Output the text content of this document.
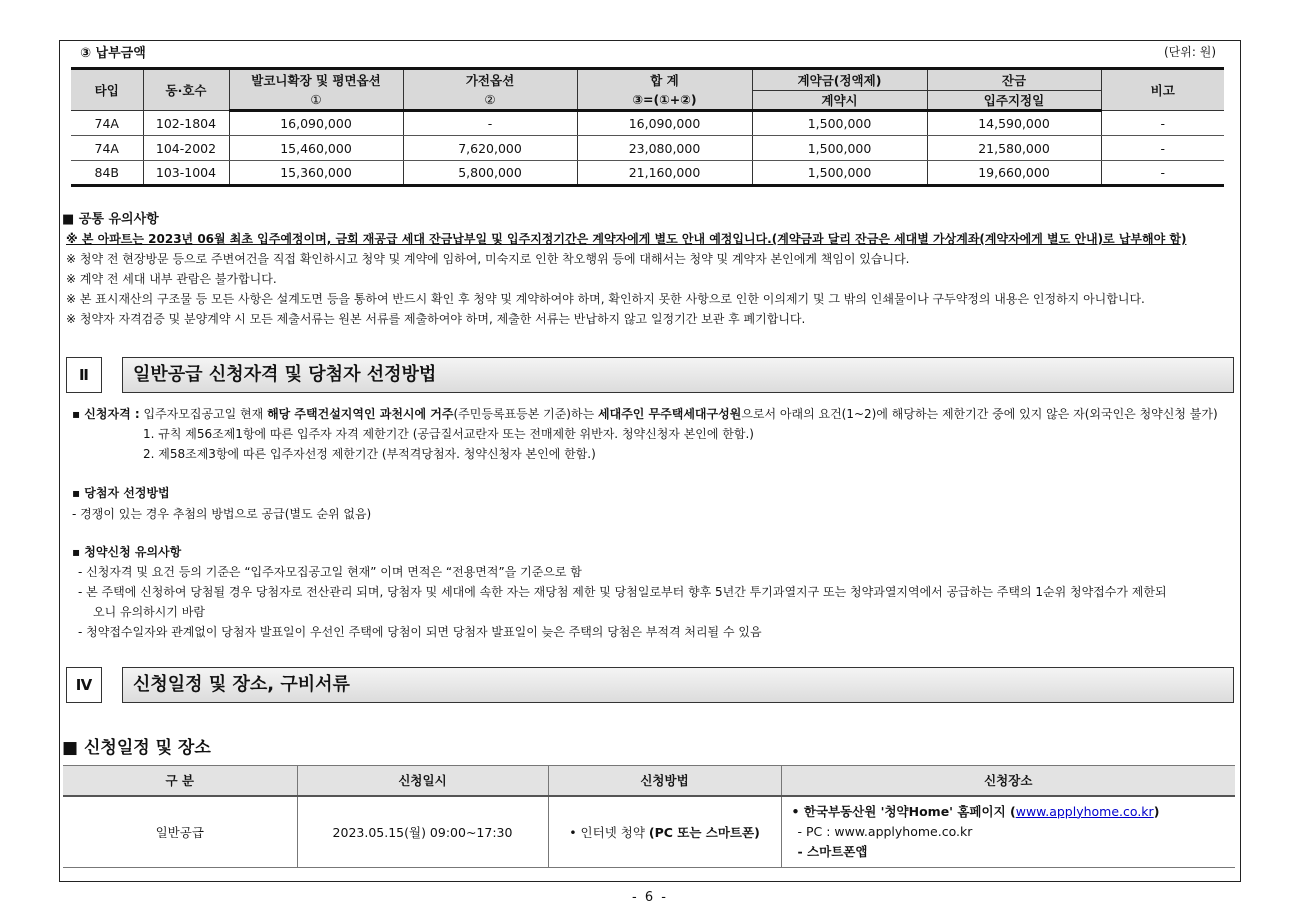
③ 납부금액	(단위: 원)
타입	동·호수	발코니확장 및 평면옵션	가전옵션	합 계	계약금(정액제)	잔금	비고
		①	②	③=(①+②)	계약시	입주지정일	
74A	102-1804	16,090,000	-	16,090,000	1,500,000	14,590,000	-
74A	104-2002	15,460,000	7,620,000	23,080,000	1,500,000	21,580,000	-
84B	103-1004	15,360,000	5,800,000	21,160,000	1,500,000	19,660,000	-
■ 공통 유의사항
※ 본 아파트는 2023년 06월 최초 입주예정이며, 금회 재공급 세대 잔금납부일 및 입주지정기간은 계약자에게 별도 안내 예정입니다.(계약금과 달리 잔금은 세대별 가상계좌(계약자에게 별도 안내)로 납부해야 함)
※ 청약 전 현장방문 등으로 주변여건을 직접 확인하시고 청약 및 계약에 임하여, 미숙지로 인한 착오행위 등에 대해서는 청약 및 계약자 본인에게 책임이 있습니다.
※ 계약 전 세대 내부 관람은 불가합니다.
※ 본 표시재산의 구조물 등 모든 사항은 설계도면 등을 통하여 반드시 확인 후 청약 및 계약하여야 하며, 확인하지 못한 사항으로 인한 이의제기 및 그 밖의 인쇄물이나 구두약정의 내용은 인정하지 아니합니다.
※ 청약자 자격검증 및 분양계약 시 모든 제출서류는 원본 서류를 제출하여야 하며, 제출한 서류는 반납하지 않고 일정기간 보관 후 폐기합니다.
Ⅱ	일반공급 신청자격 및 당첨자 선정방법
▪ 신청자격 : 입주자모집공고일 현재 해당 주택건설지역인 과천시에 거주(주민등록표등본 기준)하는 세대주인 무주택세대구성원으로서 아래의 요건(1~2)에 해당하는 제한기간 중에 있지 않은 자(외국인은 청약신청 불가)
1. 규칙 제56조제1항에 따른 입주자 자격 제한기간 (공급질서교란자 또는 전매제한 위반자. 청약신청자 본인에 한함.)
2. 제58조제3항에 따른 입주자선정 제한기간 (부적격당첨자. 청약신청자 본인에 한함.)
▪ 당첨자 선정방법
- 경쟁이 있는 경우 추첨의 방법으로 공급(별도 순위 없음)
▪ 청약신청 유의사항
- 신청자격 및 요건 등의 기준은 “입주자모집공고일 현재” 이며 면적은 “전용면적”을 기준으로 함
- 본 주택에 신청하여 당첨될 경우 당첨자로 전산관리 되며, 당첨자 및 세대에 속한 자는 재당첨 제한 및 당첨일로부터 향후 5년간 투기과열지구 또는 청약과열지역에서 공급하는 주택의 1순위 청약접수가 제한되
오니 유의하시기 바람
- 청약접수일자와 관계없이 당첨자 발표일이 우선인 주택에 당첨이 되면 당첨자 발표일이 늦은 주택의 당첨은 부적격 처리될 수 있음
Ⅳ	신청일정 및 장소, 구비서류
■ 신청일정 및 장소
구 분	신청일시	신청방법	신청장소
일반공급	2023.05.15(월) 09:00~17:30	• 인터넷 청약 (PC 또는 스마트폰)	• 한국부동산원 '청약Home' 홈페이지 (www.applyhome.co.kr)
- PC : www.applyhome.co.kr
- 스마트폰앱
- 6 -
